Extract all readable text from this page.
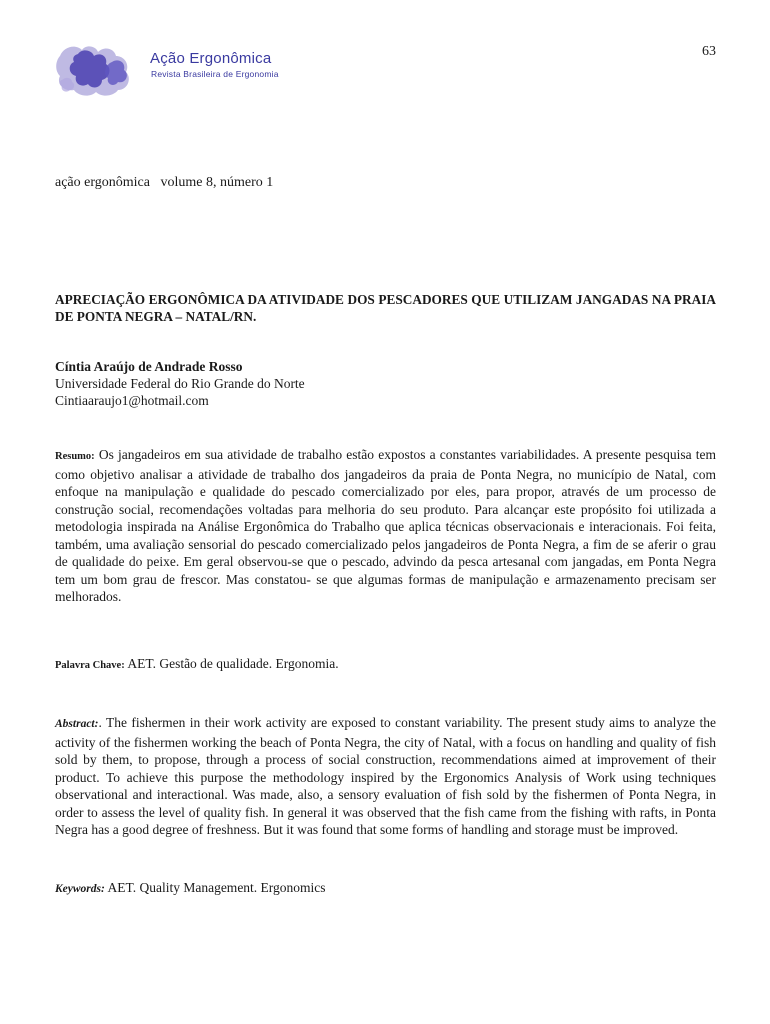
Ação Ergonômica
Revista Brasileira de Ergonomia
63
ação ergonômica   volume 8, número 1
APRECIAÇÃO ERGONÔMICA DA ATIVIDADE DOS PESCADORES QUE UTILIZAM JANGADAS NA PRAIA DE PONTA NEGRA – NATAL/RN.
Cíntia Araújo de Andrade Rosso
Universidade Federal do Rio Grande do Norte
Cintiaaraujo1@hotmail.com

Resumo: Os jangadeiros em sua atividade de trabalho estão expostos a constantes variabilidades. A presente pesquisa tem como objetivo analisar a atividade de trabalho dos jangadeiros da praia de Ponta Negra, no município de Natal, com enfoque na manipulação e qualidade do pescado comercializado por eles, para propor, através de um processo de construção social, recomendações voltadas para melhoria do seu produto. Para alcançar este propósito foi utilizada a metodologia inspirada na Análise Ergonômica do Trabalho que aplica técnicas observacionais e interacionais. Foi feita, também, uma avaliação sensorial do pescado comercializado pelos jangadeiros de Ponta Negra, a fim de se aferir o grau de qualidade do peixe. Em geral observou-se que o pescado, advindo da pesca artesanal com jangadas, em Ponta Negra tem um bom grau de frescor. Mas constatou- se que algumas formas de manipulação e armazenamento precisam ser melhorados.

Palavra Chave: AET. Gestão de qualidade. Ergonomia.

Abstract:. The fishermen in their work activity are exposed to constant variability. The present study aims to analyze the activity of the fishermen working the beach of Ponta Negra, the city of Natal, with a focus on handling and quality of fish sold by them, to propose, through a process of social construction, recommendations aimed at improvement of their product. To achieve this purpose the methodology inspired by the Ergonomics Analysis of Work using techniques observational and interactional. Was made, also, a sensory evaluation of fish sold by the fishermen of Ponta Negra, in order to assess the level of quality fish. In general it was observed that the fish came from the fishing with rafts, in Ponta Negra has a good degree of freshness. But it was found that some forms of handling and storage must be improved.

Keywords: AET. Quality Management. Ergonomics
